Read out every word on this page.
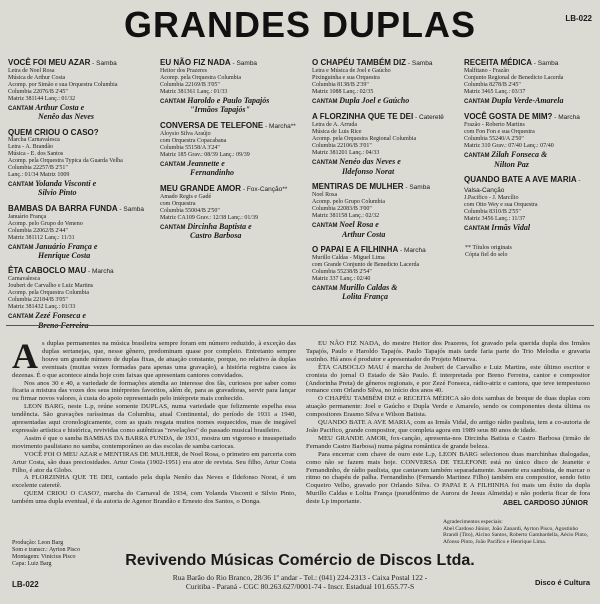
GRANDES DUPLAS	LB-022
VOCÊ FOI MEU AZAR - Samba
Letra de Noel Rosa
Música de Arthur Costa
Acomp. por Simão e sua Orquestra Columbia
Columbia 22076/B 2'45"
Matriz 381144 Lanç.: 01/32
CANTAM Arthur Costa e
Nenêo das Neves
QUEM CRIOU O CASO?
Marcha Carnavalesca
Letra - A. Brandão
Música - E. dos Santos
Acomp. pela Orquestra Typica da Guarda Velha
Columbia 22257/B 2'51"
Lanç.: 01/34 Matriz 1009
CANTAM Yolanda Visconti e
Silvio Pinto
BAMBAS DA BARRA FUNDA - Samba
Januário França
Acomp. pelo Grupo do Veneno
Columbia 22062/B 2'44"
Matriz 381112 Lanç.: 11/31
CANTAM Januário França e
Henrique Costa
ÊTA CABOCLO MAU - Marcha
Carnavalesca
Joubert de Carvalho e Luiz Martins
Acomp. pela Orquestra Columbia
Columbia 22184/B 3'05"
Matriz 381432 Lanç.: 01/33
CANTAM Zezé Fonseca e
Breno Ferreira
EU NÃO FIZ NADA - Samba
Heitor dos Prazeres
Acomp. pela Orquestra Columbia
Columbia 22169/B 3'05"
Matriz 381361 Lanç.: 01/33
CANTAM Haroldo e Paulo Tapajós
"Irmãos Tapajós"
CONVERSA DE TELEFONE - Marcha**
Aloysio Silva Araújo
com Orquestra Copacabana
Columbia 55158/A 3'24"
Matriz 185 Grav.: 08/39 Lanç.: 09/39
CANTAM Jeannette e
Fernandinho
MEU GRANDE AMOR - Fox-Canção**
Amado Regis e Gadé
com Orquestra
Columbia 55004/B 2'50"
Matriz CA109 Grav.: 12/38 Lanç.: 01/39
CANTAM Dircinha Baptista e
Castro Barbosa
O CHAPÉU TAMBÉM DIZ - Samba
Letra e Música de Joel e Gaúcho
Pixinguinha e sua Orquestra
Columbia 8138/B 2'39"
Matriz 1088 Lanç.: 02/35
CANTAM Dupla Joel e Gaúcho
A FLORZINHA QUE TE DEI - Cateretê
Letra de A. Arruda
Música de Luis Rice
Acomp. pela Orquestra Regional Columbia
Columbia 22106/B 3'01"
Matriz 381201 Lanç.: 04/33
CANTAM Nenéo das Neves e
Ildefonso Norat
MENTIRAS DE MULHER - Samba
Noel Rosa
Acomp. pelo Grupo Columbia
Columbia 22083/B 3'00"
Matriz 381158 Lanç.: 02/32
CANTAM Noel Rosa e
Arthur Costa
O PAPAI E A FILHINHA - Marcha
Murillo Caldas - Miguel Lima
com Grande Conjunto de Benedicto Lacerda
Columbia 55238/B 2'54"
Matriz 337 Lanç.: 02/40
CANTAM Murillo Caldas &
Lolita França
RECEITA MÉDICA - Samba
Malfitano - Frazão
Conjunto Regional de Benedicto Lacerda
Columbia 8278/B 2'45"
Matriz 3465 Lanç.: 03/37
CANTAM Dupla Verde-Amarela
VOCÊ GOSTA DE MIM? - Marcha
Frazão - Roberto Martins
com Fon Fon e sua Orquestra
Columbia 55240/A 2'50"
Matriz 310 Grav.: 07/40 Lanç.: 07/40
CANTAM Zilah Fonseca &
Nilton Paz
QUANDO BATE A AVE MARIA - Valsa-Canção
J.Pacifico - J. Marcílio
com Otto Wey e sua Orquestra
Columbia 8310/B 2'55"
Matriz 3456 Lanç.: 11/37
CANTAM Irmãs Vidal
** Títulos originais
Cópia fiel do selo
A s duplas permanentes na música brasileira sempre foram em número reduzido, à exceção das duplas sertanejas, que, nesse gênero, predominam quase por completo. Entretanto sempre houve um grande número de duplas fixas, de atuação constante, porque, no relativo às duplas eventuais (muitas vezes formadas para apenas uma gravação), a história registra casos às dezenas. É o que acontece ainda hoje com faixas que apresentam cantores convidados.

Nos anos 30 e 40, a variedade de formações atendia ao interesse dos fãs, curiosos por saber como ficaria a mistura das vozes dos seus intérpretes favoritos, além de, para as gravadoras, servir para lançar ou firmar novos valores, à custa do apoio representado pelo intérprete mais conhecido.

LEON BARG, neste L.p, reúne somente DUPLAS, numa variedade que felizmente espelha essa tendência. São gravações raríssimas da Columbia, atual Continental, do período de 1931 a 1940, apresentadas aqui cronologicamente, com as quais resgata muitos nomes esquecidos, mas de inegável expressão artística e histórica, revividas como autênticas "revelações" do passado musical brasileiro.

Assim é que o samba BAMBAS DA BARRA FUNDA, de 1931, mostra um vigoroso e insuspeitado movimento paulistano no samba, contemporâneo ao das escolas de samba cariocas.

VOCÊ FOI O MEU AZAR e MENTIRAS DE MULHER, de Noel Rosa, o primeiro em parceria com Artur Costa, são duas preciosidades. Artur Costa (1902-1951) era ator de revista. Seu filho, Artur Costa Filho, é ator da Globo.

A FLORZINHA QUE TE DEI, cantado pela dupla Nenêo das Neves e Ildefonso Norat, é um excelente cateretê.

QUEM CRIOU O CASO?, marcha do Carnaval de 1934, com Yolanda Visconti e Silvio Pinto, também uma dupla eventual, é da autoria de Agenor Brandão e Ernesto dos Santos, o Donga.

EU NÃO FIZ NADA, do mestre Heitor dos Prazeres, foi gravado pela querida dupla dos Irmãos Tapajós, Paulo e Haroldo Tapajós. Paulo Tapajós mais tarde faria parte do Trio Melodia e gravaria sozinho. Há anos é produtor e apresentador do Projeto Minerva.

ÊTA CABOCLO MAU é marcha de Joubert de Carvalho e Luiz Martins, este último escritor e cronista do jornal O Estado de São Paulo. É interpretada por Breno Ferreira, cantor e compositor (Andorinha Preta) de gêneros regionais, e por Zezé Fonseca, rádio-atriz e cantora, que teve tempestuoso romance com Orlando Silva, no início dos anos 40.

O CHAPÉU TAMBÉM DIZ e RECEITA MÉDICA são dois sambas de breque de duas duplas com atuação permanente: Joel e Gaúcho e Dupla Verde e Amarelo, sendo os componentes desta última os compositores Erasmo Silva e Wilson Batista.

QUANDO BATE A AVE MARIA, com as Irmãs Vidal, do antigo rádio paulista, tem a co-autoria de João Pacifico, grande compositor, que completa agora em 1989 seus 80 anos de idade.

MEU GRANDE AMOR, fox-canção, apresenta-nos Dircinha Batista e Castro Barbosa (irmão de Fernando Castro Barbosa) numa página romântica de grande beleza.

Para encerrar com chave de ouro este L.p, LEON BARG selecionou duas marchinhas dialogadas, como não se fazem mais hoje. CONVERSA DE TELEFONE está no único disco de Jeanette e Fernandinho, de rádio paulista, que cantavam também separadamente. Jeanette era sambista, de marcar o ritmo no chapéu de palha. Fernandinho (Fernando Martinez Filho) também era compositor, sendo feito Coqueiro Velho, gravado por Orlando Silva. O PAPAI E A FILHINHA foi mais um êxito da dupla Murillo Caldas e Lolita França (pseudônimo de Aurora de Jesus Almeida) e não poderia ficar de fora deste Lp importante.	ABEL CARDOSO JÚNIOR
Produção: Leon Barg
Som e transcr.: Ayrton Pisco
Montagem: Vinicius Pisco
Capa: Luiz Barg
Agradecimentos especiais:
Abel Cardoso Júnior, João Zanardi, Ayrton Pisco, Agostinho Brandi (Tito), Alcino Santos, Roberto Gambardella, Aécio Pinto, Afonso Pinto, João Pacifico e Henrique Lima.
LB-022
Revivendo Músicas Comércio de Discos Ltda.
Rua Barão do Rio Branco, 28/36 1º andar - Tel.: (041) 224-2313 - Caixa Postal 122 -
Curitiba - Paraná - CGC 80.263.627/0001-74 - Inscr. Estadual 101.655.77-S	Disco é Cultura
